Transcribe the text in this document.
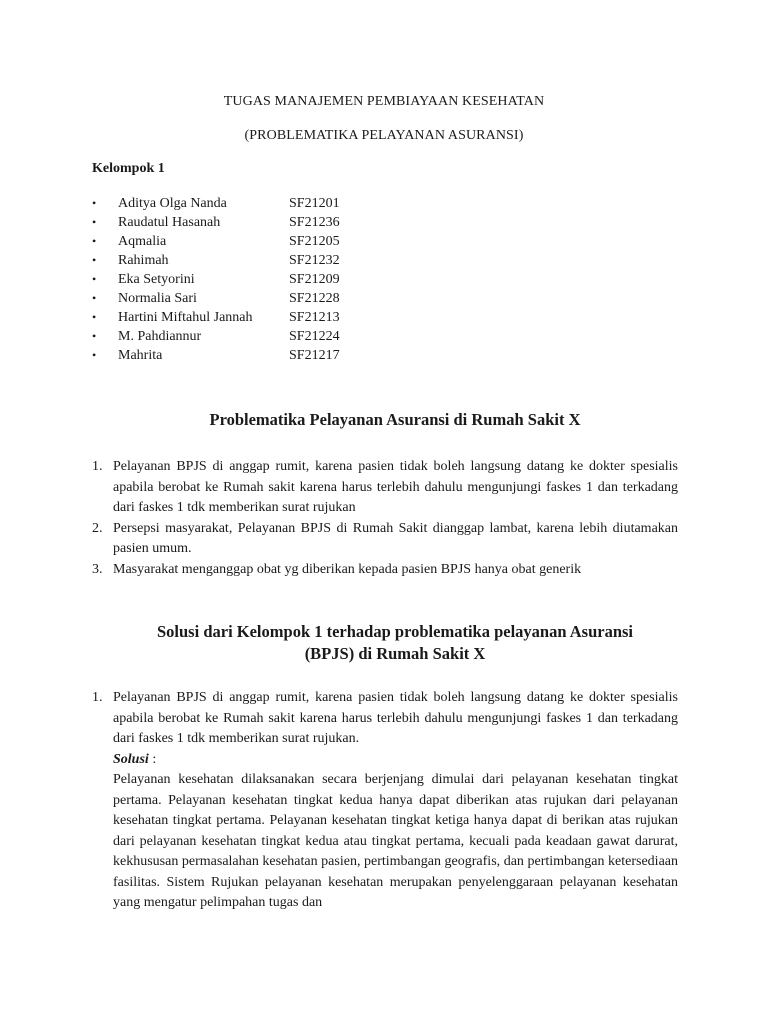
TUGAS MANAJEMEN PEMBIAYAAN KESEHATAN
(PROBLEMATIKA PELAYANAN ASURANSI)
Kelompok 1
• Aditya Olga Nanda	SF21201
• Raudatul Hasanah	SF21236
• Aqmalia	SF21205
• Rahimah	SF21232
• Eka Setyorini	SF21209
• Normalia Sari	SF21228
• Hartini Miftahul Jannah	SF21213
• M. Pahdiannur	SF21224
• Mahrita	SF21217
Problematika Pelayanan Asuransi di Rumah Sakit X
1. Pelayanan BPJS di anggap rumit, karena pasien tidak boleh langsung datang ke dokter spesialis apabila berobat ke Rumah sakit karena harus terlebih dahulu mengunjungi faskes 1 dan terkadang dari faskes 1 tdk memberikan surat rujukan
2. Persepsi masyarakat, Pelayanan BPJS di Rumah Sakit dianggap lambat, karena lebih diutamakan pasien umum.
3. Masyarakat menganggap obat yg diberikan kepada pasien BPJS hanya obat generik
Solusi dari Kelompok 1 terhadap problematika pelayanan Asuransi (BPJS) di Rumah Sakit X
1. Pelayanan BPJS di anggap rumit, karena pasien tidak boleh langsung datang ke dokter spesialis apabila berobat ke Rumah sakit karena harus terlebih dahulu mengunjungi faskes 1 dan terkadang dari faskes 1 tdk memberikan surat rujukan.
Solusi :
Pelayanan kesehatan dilaksanakan secara berjenjang dimulai dari pelayanan kesehatan tingkat pertama. Pelayanan kesehatan tingkat kedua hanya dapat diberikan atas rujukan dari pelayanan kesehatan tingkat pertama. Pelayanan kesehatan tingkat ketiga hanya dapat di berikan atas rujukan dari pelayanan kesehatan tingkat kedua atau tingkat pertama, kecuali pada keadaan gawat darurat, kekhususan permasalahan kesehatan pasien, pertimbangan geografis, dan pertimbangan ketersediaan fasilitas. Sistem Rujukan pelayanan kesehatan merupakan penyelenggaraan pelayanan kesehatan yang mengatur pelimpahan tugas dan
